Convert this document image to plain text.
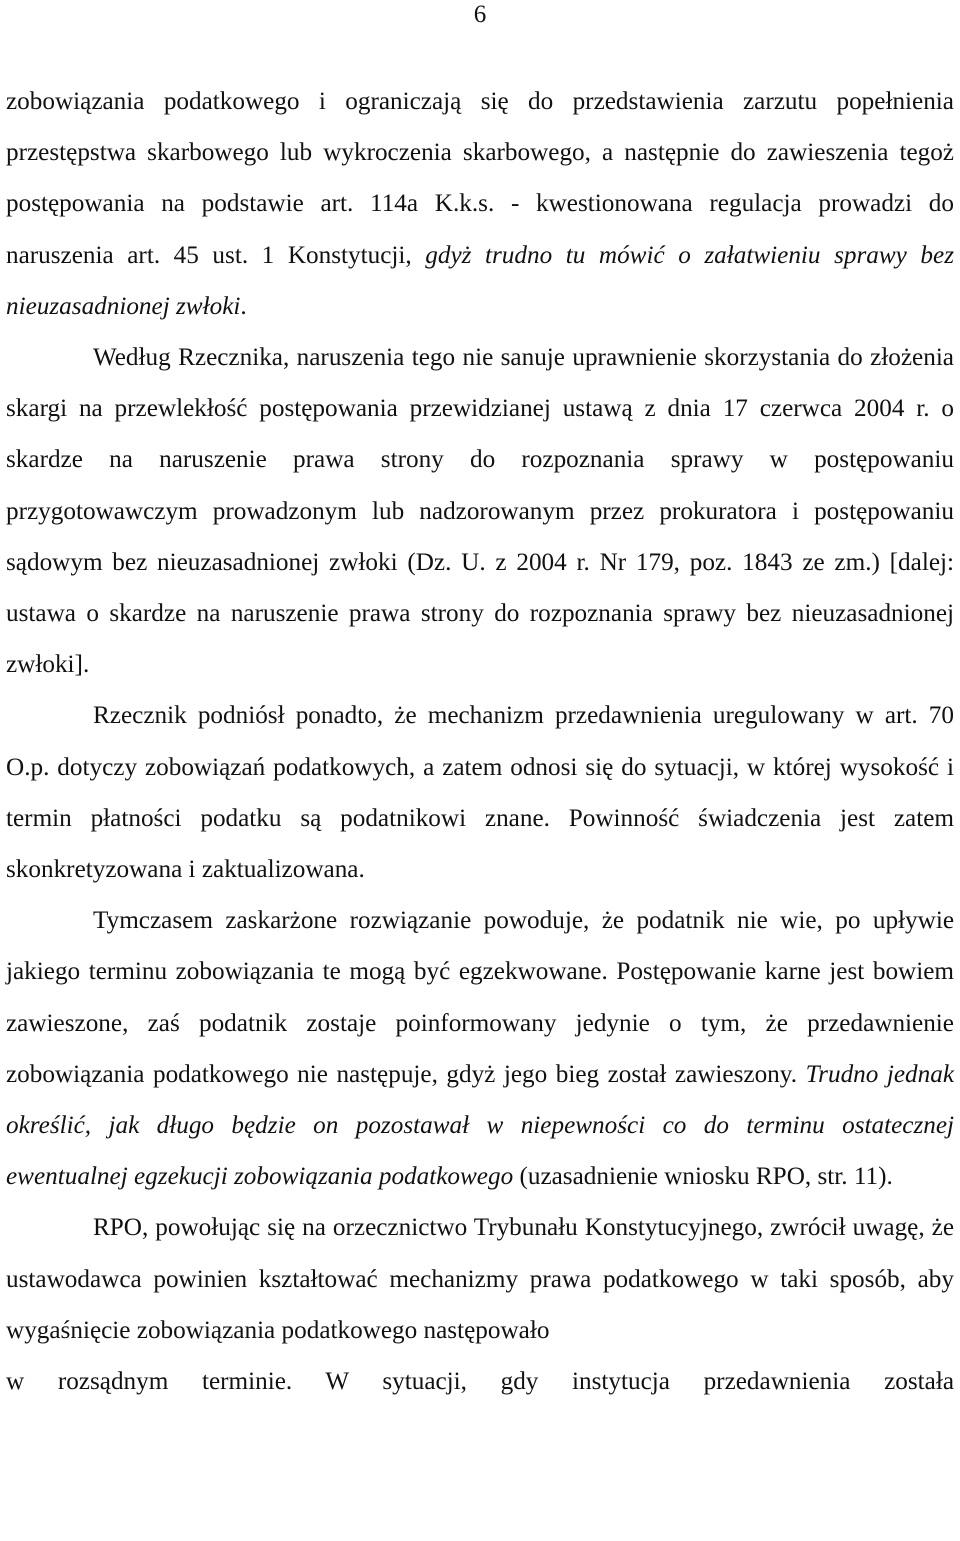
6

zobowiązania podatkowego i ograniczają się do przedstawienia zarzutu popełnienia przestępstwa skarbowego lub wykroczenia skarbowego, a następnie do zawieszenia tegoż postępowania na podstawie art. 114a K.k.s. - kwestionowana regulacja prowadzi do naruszenia art. 45 ust. 1 Konstytucji, gdyż trudno tu mówić o załatwieniu sprawy bez nieuzasadnionej zwłoki.

Według Rzecznika, naruszenia tego nie sanuje uprawnienie skorzystania do złożenia skargi na przewlekłość postępowania przewidzianej ustawą z dnia 17 czerwca 2004 r. o skardze na naruszenie prawa strony do rozpoznania sprawy w postępowaniu przygotowawczym prowadzonym lub nadzorowanym przez prokuratora i postępowaniu sądowym bez nieuzasadnionej zwłoki (Dz. U. z 2004 r. Nr 179, poz. 1843 ze zm.) [dalej: ustawa o skardze na naruszenie prawa strony do rozpoznania sprawy bez nieuzasadnionej zwłoki].

Rzecznik podniósł ponadto, że mechanizm przedawnienia uregulowany w art. 70 O.p. dotyczy zobowiązań podatkowych, a zatem odnosi się do sytuacji, w której wysokość i termin płatności podatku są podatnikowi znane. Powinność świadczenia jest zatem skonkretyzowana i zaktualizowana.

Tymczasem zaskarżone rozwiązanie powoduje, że podatnik nie wie, po upływie jakiego terminu zobowiązania te mogą być egzekwowane. Postępowanie karne jest bowiem zawieszone, zaś podatnik zostaje poinformowany jedynie o tym, że przedawnienie zobowiązania podatkowego nie następuje, gdyż jego bieg został zawieszony. Trudno jednak określić, jak długo będzie on pozostawał w niepewności co do terminu ostatecznej ewentualnej egzekucji zobowiązania podatkowego (uzasadnienie wniosku RPO, str. 11).

RPO, powołując się na orzecznictwo Trybunału Konstytucyjnego, zwrócił uwagę, że ustawodawca powinien kształtować mechanizmy prawa podatkowego w taki sposób, aby wygaśnięcie zobowiązania podatkowego następowało

w rozsądnym terminie. W sytuacji, gdy instytucja przedawnienia została
